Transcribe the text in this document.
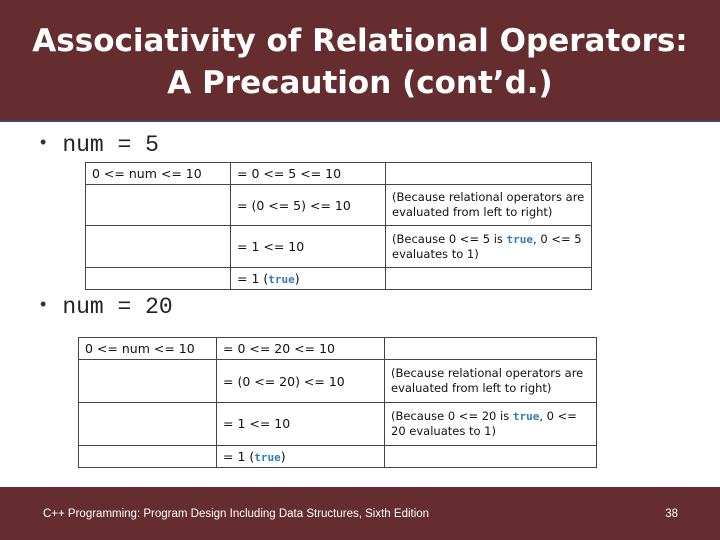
Associativity of Relational Operators:
A Precaution (cont’d.)
• num = 5
0 <= num <= 10	= 0 <= 5 <= 10	
	= (0 <= 5) <= 10	(Because relational operators are evaluated from left to right)
	= 1 <= 10	(Because 0 <= 5 is true, 0 <= 5 evaluates to 1)
	= 1 (true)	
• num = 20
0 <= num <= 10	= 0 <= 20 <= 10	
	= (0 <= 20) <= 10	(Because relational operators are evaluated from left to right)
	= 1 <= 10	(Because 0 <= 20 is true, 0 <= 20 evaluates to 1)
	= 1 (true)	
C++ Programming: Program Design Including Data Structures, Sixth Edition	38
